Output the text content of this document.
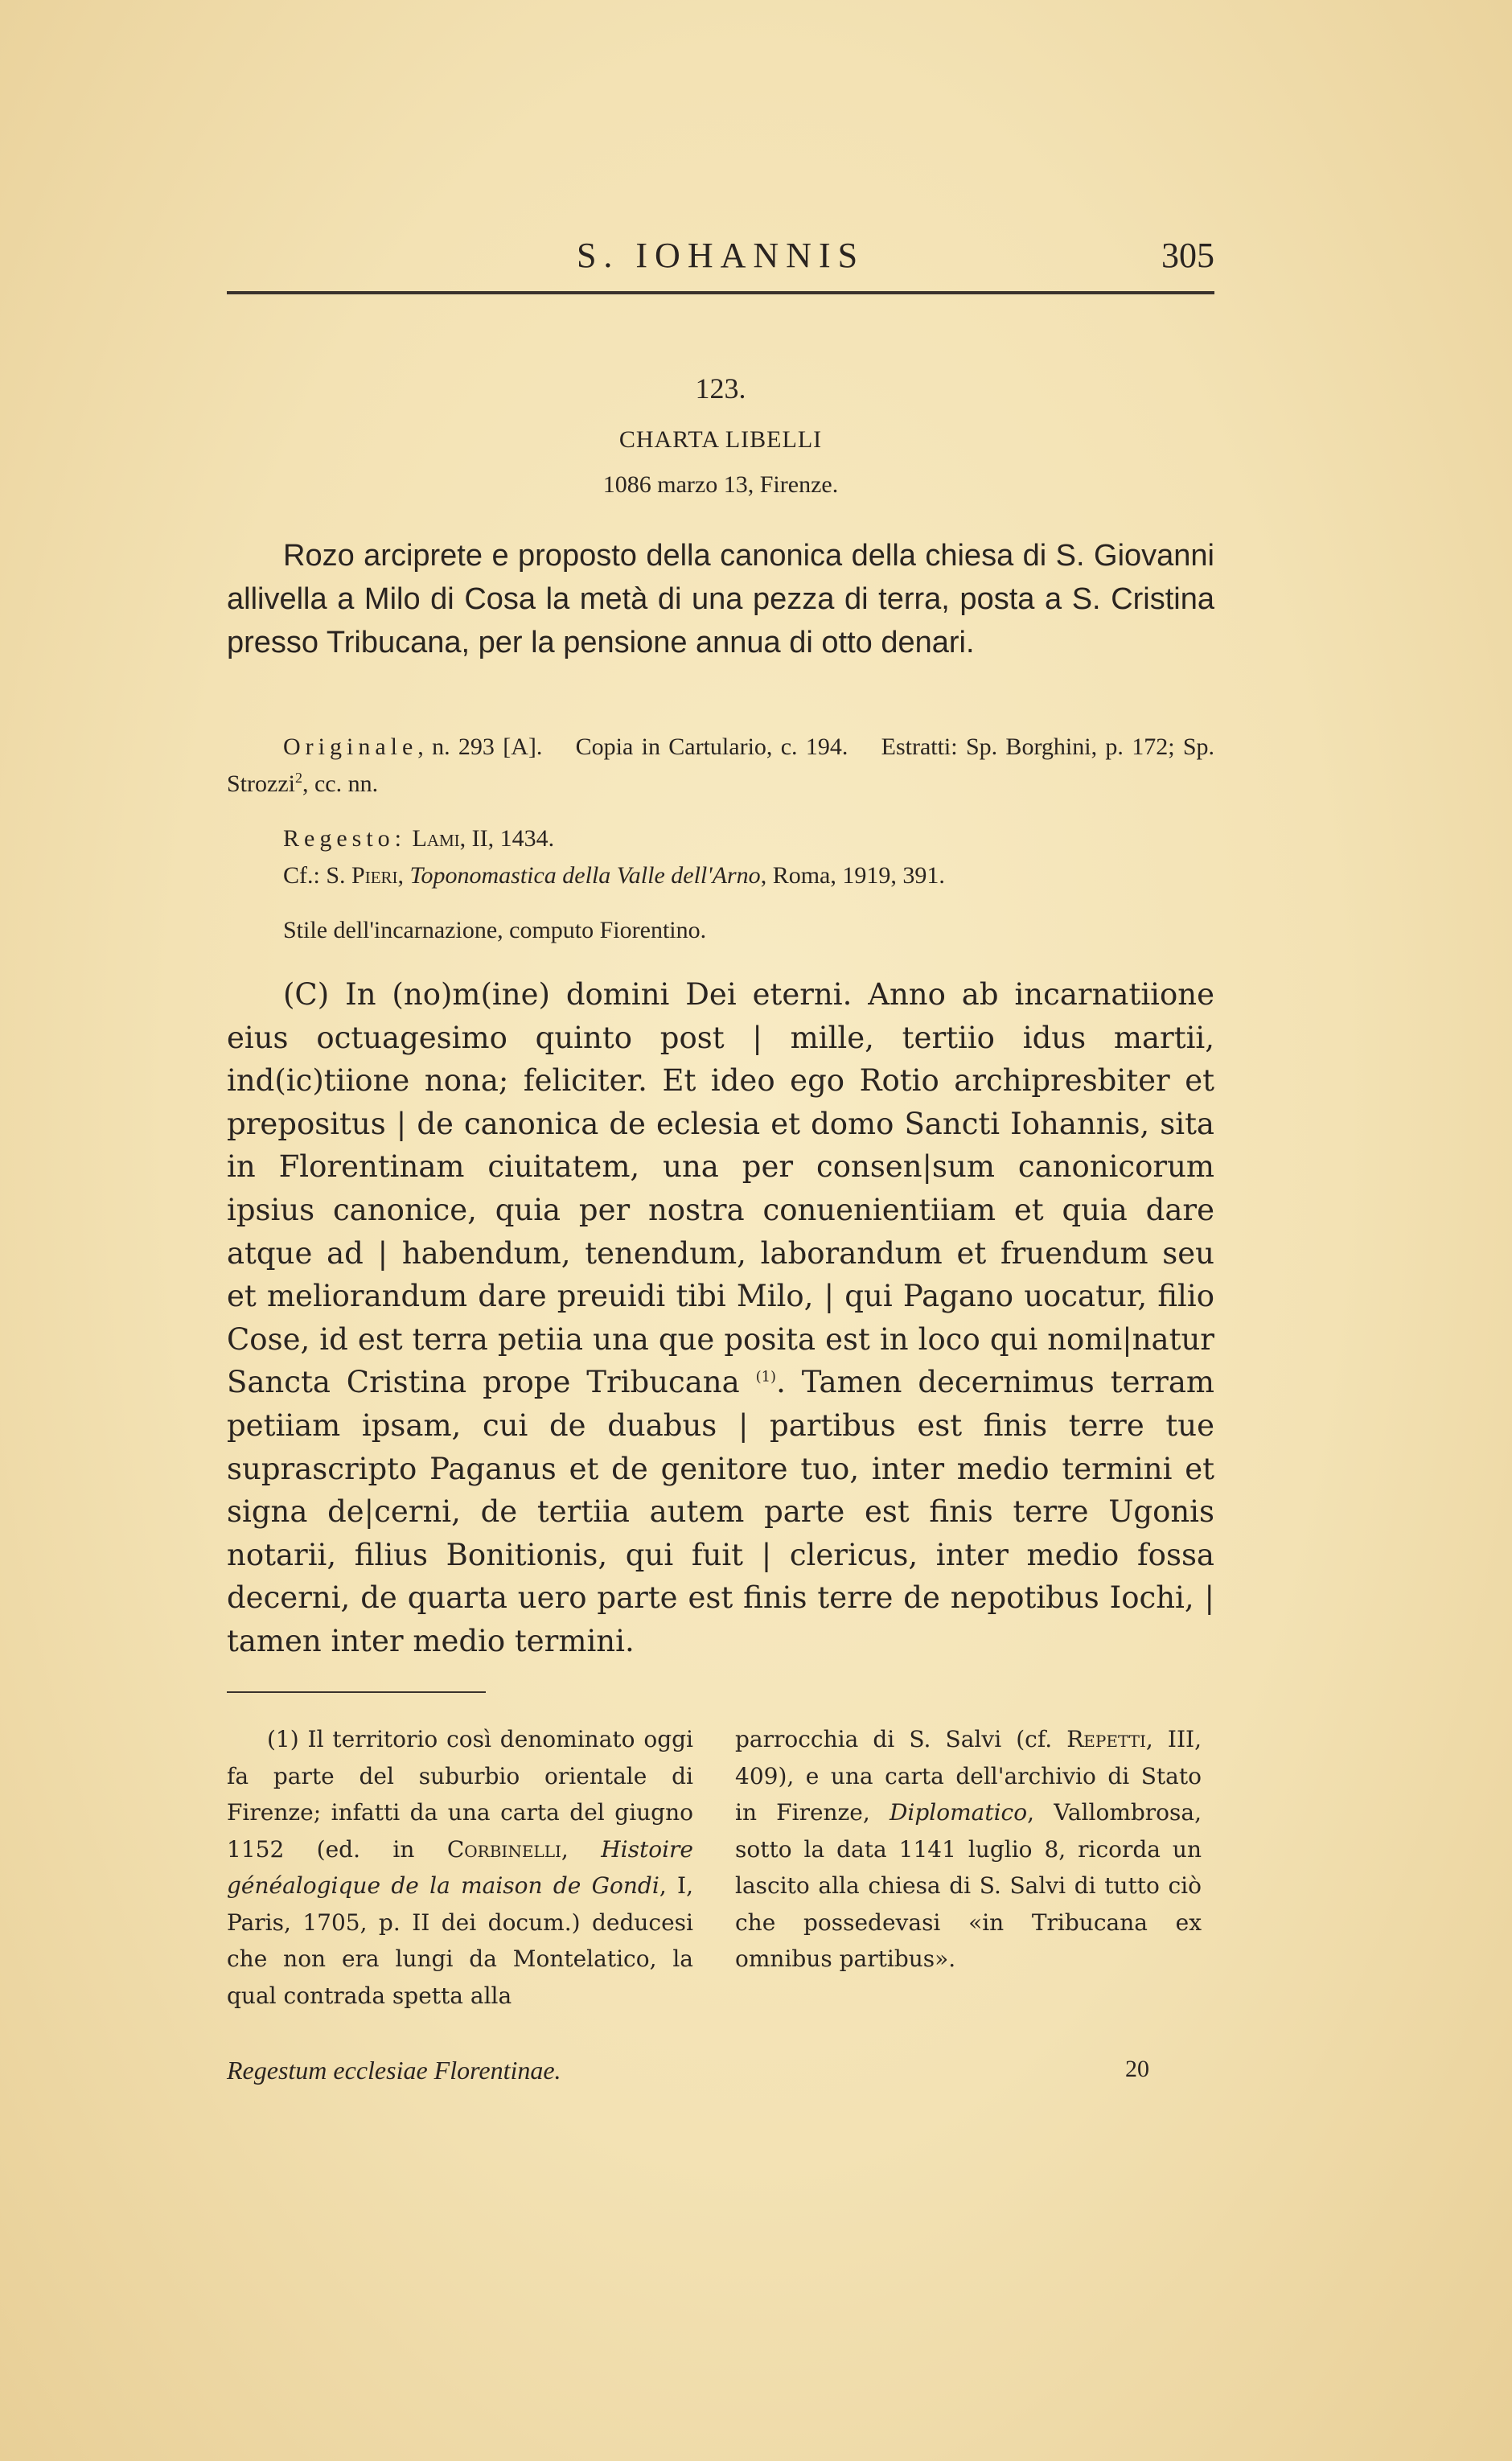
S. IOHANNIS	305
123.
CHARTA LIBELLI
1086 marzo 13, Firenze.

Rozo arciprete e proposto della canonica della chiesa di S. Giovanni allivella a Milo di Cosa la metà di una pezza di terra, posta a S. Cristina presso Tribucana, per la pensione annua di otto denari.

Originale, n. 293 [A]. Copia in Cartulario, c. 194. Estratti: Sp. Borghini, p. 172; Sp. Strozzi$^2$, cc. nn.

Regesto: Lami, II, 1434.

Cf.: S. Pieri, Toponomastica della Valle dell'Arno, Roma, 1919, 391.

Stile dell'incarnazione, computo Fiorentino.

(C) In (no)m(ine) domini Dei eterni. Anno ab incarnatiione eius octuagesimo quinto post | mille, tertiio idus martii, ind(ic)tiione nona; feliciter. Et ideo ego Rotio archipresbiter et prepositus | de canonica de eclesia et domo Sancti Iohannis, sita in Florentinam ciuitatem, una per consen|sum canonicorum ipsius canonice, quia per nostra conuenientiiam et quia dare atque ad | habendum, tenendum, laborandum et fruendum seu et meliorandum dare preuidi tibi Milo, | qui Pagano uocatur, filio Cose, id est terra petiia una que posita est in loco qui nomi|natur Sancta Cristina prope Tribucana $^{(1)}$. Tamen decernimus terram petiiam ipsam, cui de duabus | partibus est finis terre tue suprascripto Paganus et de genitore tuo, inter medio termini et signa de|cerni, de tertiia autem parte est finis terre Ugonis notarii, filius Bonitionis, qui fuit | clericus, inter medio fossa decerni, de quarta uero parte est finis terre de nepotibus Iochi, | tamen inter medio termini.

(1) Il territorio così denominato oggi fa parte del suburbio orientale di Firenze; infatti da una carta del giugno 1152 (ed. in Corbinelli, Histoire généalogique de la maison de Gondi, I, Paris, 1705, p. II dei docum.) deducesi che non era lungi da Montelatico, la qual contrada spetta alla

parrocchia di S. Salvi (cf. Repetti, III, 409), e una carta dell'archivio di Stato in Firenze, Diplomatico, Vallombrosa, sotto la data 1141 luglio 8, ricorda un lascito alla chiesa di S. Salvi di tutto ciò che possedevasi «in Tribucana ex omnibus partibus».

Regestum ecclesiae Florentinae.	20
